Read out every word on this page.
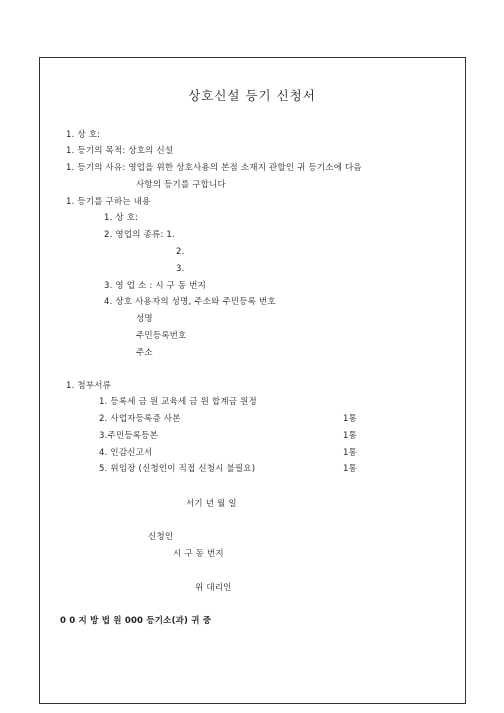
상호신설 등기 신청서
1. 상 호:
1. 등기의 목적: 상호의 신설
1. 등기의 사유: 영업을 위한 상호사용의 본점 소재지 관할인 귀 등기소에 다음
사항의 등기를 구합니다
1. 등기를 구하는 내용
1. 상 호:
2. 영업의 종류: 1.
2.
3.
3. 영 업 소 : 시 구 동 번지
4. 상호 사용자의 성명, 주소와 주민등록 번호
성명
주민등록번호
주소
1. 첨부서류
1. 등록세 금 원 교육세 금 원 합계금 원정
2. 사업자등록증 사본	1통
3.주민등록등본	1통
4. 인감신고서	1통
5. 위임장 (신청인이 직접 신청시 불필요)	1통
서기 년 월 일
신청인
시 구 동 번지
위 대리인
0 0 지 방 법 원 000 등기소(과) 귀 중
